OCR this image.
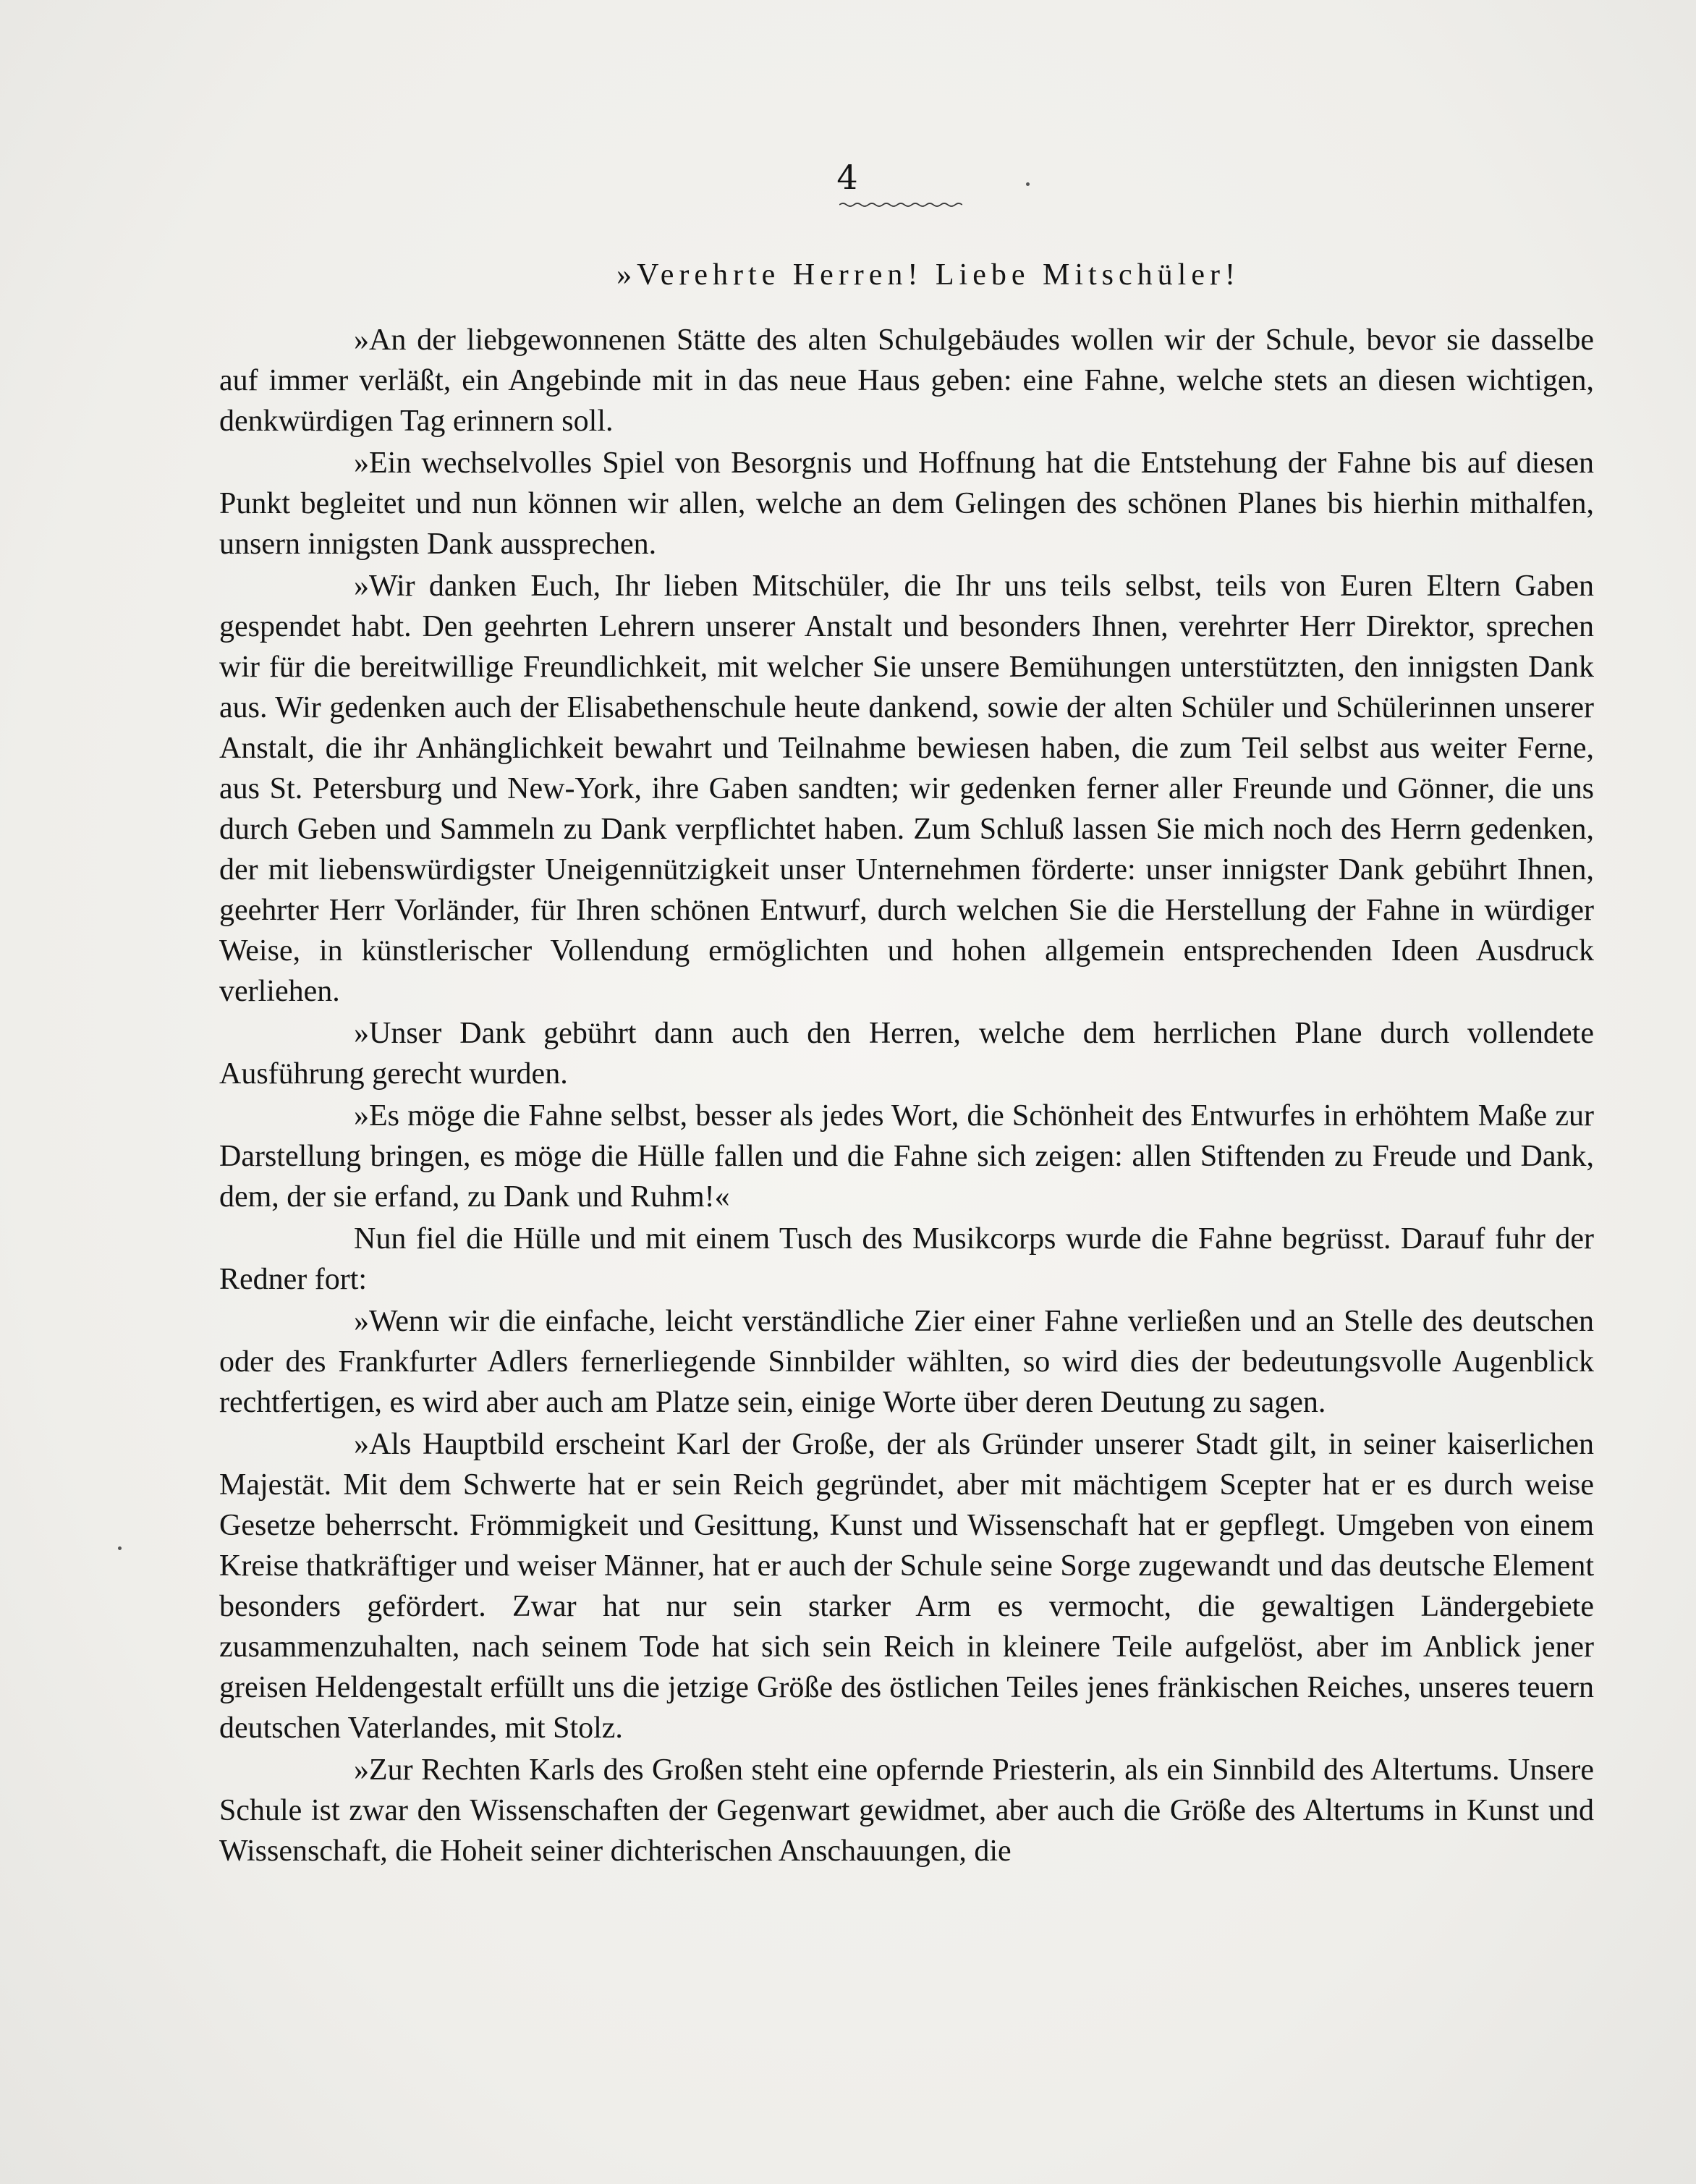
4
»Verehrte Herren! Liebe Mitschüler!

»An der liebgewonnenen Stätte des alten Schulgebäudes wollen wir der Schule, bevor sie dasselbe auf immer verläßt, ein Angebinde mit in das neue Haus geben: eine Fahne, welche stets an diesen wichtigen, denkwürdigen Tag erinnern soll.

»Ein wechselvolles Spiel von Besorgnis und Hoffnung hat die Entstehung der Fahne bis auf diesen Punkt begleitet und nun können wir allen, welche an dem Gelingen des schönen Planes bis hierhin mithalfen, unsern innigsten Dank aussprechen.

»Wir danken Euch, Ihr lieben Mitschüler, die Ihr uns teils selbst, teils von Euren Eltern Gaben gespendet habt. Den geehrten Lehrern unserer Anstalt und besonders Ihnen, verehrter Herr Direktor, sprechen wir für die bereitwillige Freundlichkeit, mit welcher Sie unsere Bemühungen unterstützten, den innigsten Dank aus. Wir gedenken auch der Elisabethenschule heute dankend, sowie der alten Schüler und Schülerinnen unserer Anstalt, die ihr Anhänglichkeit bewahrt und Teilnahme bewiesen haben, die zum Teil selbst aus weiter Ferne, aus St. Petersburg und New-York, ihre Gaben sandten; wir gedenken ferner aller Freunde und Gönner, die uns durch Geben und Sammeln zu Dank verpflichtet haben. Zum Schluß lassen Sie mich noch des Herrn gedenken, der mit liebenswürdigster Uneigennützigkeit unser Unternehmen förderte: unser innigster Dank gebührt Ihnen, geehrter Herr Vorländer, für Ihren schönen Entwurf, durch welchen Sie die Herstellung der Fahne in würdiger Weise, in künstlerischer Vollendung ermöglichten und hohen allgemein entsprechenden Ideen Ausdruck verliehen.

»Unser Dank gebührt dann auch den Herren, welche dem herrlichen Plane durch vollendete Ausführung gerecht wurden.

»Es möge die Fahne selbst, besser als jedes Wort, die Schönheit des Entwurfes in erhöhtem Maße zur Darstellung bringen, es möge die Hülle fallen und die Fahne sich zeigen: allen Stiftenden zu Freude und Dank, dem, der sie erfand, zu Dank und Ruhm!«

Nun fiel die Hülle und mit einem Tusch des Musikcorps wurde die Fahne begrüsst. Darauf fuhr der Redner fort:

»Wenn wir die einfache, leicht verständliche Zier einer Fahne verließen und an Stelle des deutschen oder des Frankfurter Adlers fernerliegende Sinnbilder wählten, so wird dies der bedeutungsvolle Augenblick rechtfertigen, es wird aber auch am Platze sein, einige Worte über deren Deutung zu sagen.

»Als Hauptbild erscheint Karl der Große, der als Gründer unserer Stadt gilt, in seiner kaiserlichen Majestät. Mit dem Schwerte hat er sein Reich gegründet, aber mit mächtigem Scepter hat er es durch weise Gesetze beherrscht. Frömmigkeit und Gesittung, Kunst und Wissenschaft hat er gepflegt. Umgeben von einem Kreise thatkräftiger und weiser Männer, hat er auch der Schule seine Sorge zugewandt und das deutsche Element besonders gefördert. Zwar hat nur sein starker Arm es vermocht, die gewaltigen Ländergebiete zusammenzuhalten, nach seinem Tode hat sich sein Reich in kleinere Teile aufgelöst, aber im Anblick jener greisen Heldengestalt erfüllt uns die jetzige Größe des östlichen Teiles jenes fränkischen Reiches, unseres teuern deutschen Vaterlandes, mit Stolz.

»Zur Rechten Karls des Großen steht eine opfernde Priesterin, als ein Sinnbild des Altertums. Unsere Schule ist zwar den Wissenschaften der Gegenwart gewidmet, aber auch die Größe des Altertums in Kunst und Wissenschaft, die Hoheit seiner dichterischen Anschauungen, die
